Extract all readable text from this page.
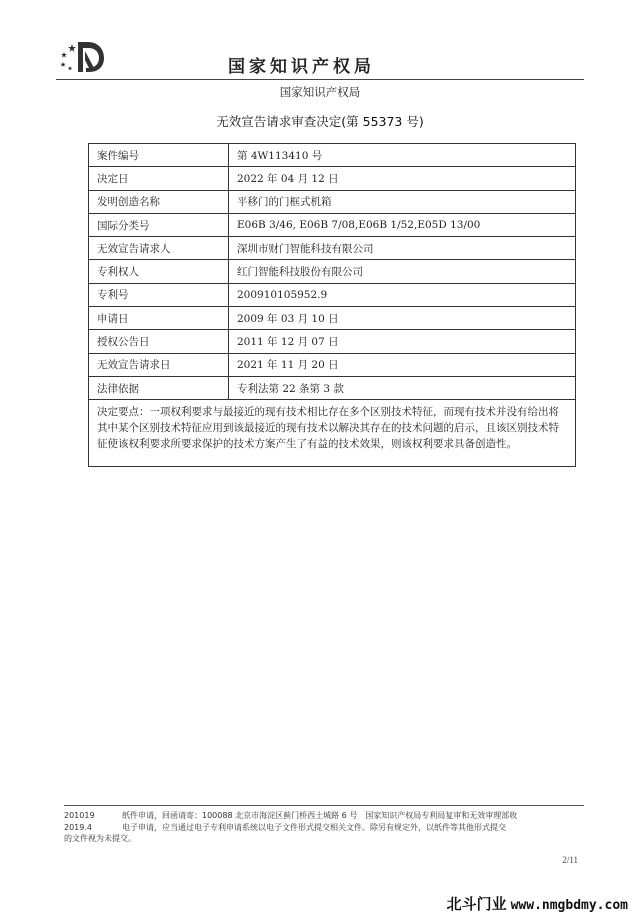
国家知识产权局
国家知识产权局
无效宣告请求审查决定(第 55373 号)
案件编号	第 4W113410 号
决定日	2022 年 04 月 12 日
发明创造名称	平移门的门框式机箱
国际分类号	E06B 3/46, E06B 7/08,E06B 1/52,E05D 13/00
无效宣告请求人	深圳市财门智能科技有限公司
专利权人	红门智能科技股份有限公司
专利号	200910105952.9
申请日	2009 年 03 月 10 日
授权公告日	2011 年 12 月 07 日
无效宣告请求日	2021 年 11 月 20 日
法律依据	专利法第 22 条第 3 款
决定要点：一项权利要求与最接近的现有技术相比存在多个区别技术特征，而现有技术并没有给出将其中某个区别技术特征应用到该最接近的现有技术以解决其存在的技术问题的启示，且该区别技术特征使该权利要求所要求保护的技术方案产生了有益的技术效果，则该权利要求具备创造性。	
201019	纸件申请，回函请寄：100088 北京市海淀区蓟门桥西土城路 6 号　国家知识产权局专利局复审和无效审理部收
2019.4	电子申请，应当通过电子专利申请系统以电子文件形式提交相关文件。除另有规定外，以纸件等其他形式提交
的文件视为未提交。
2/11
北斗门业 www.nmgbdmy.com
